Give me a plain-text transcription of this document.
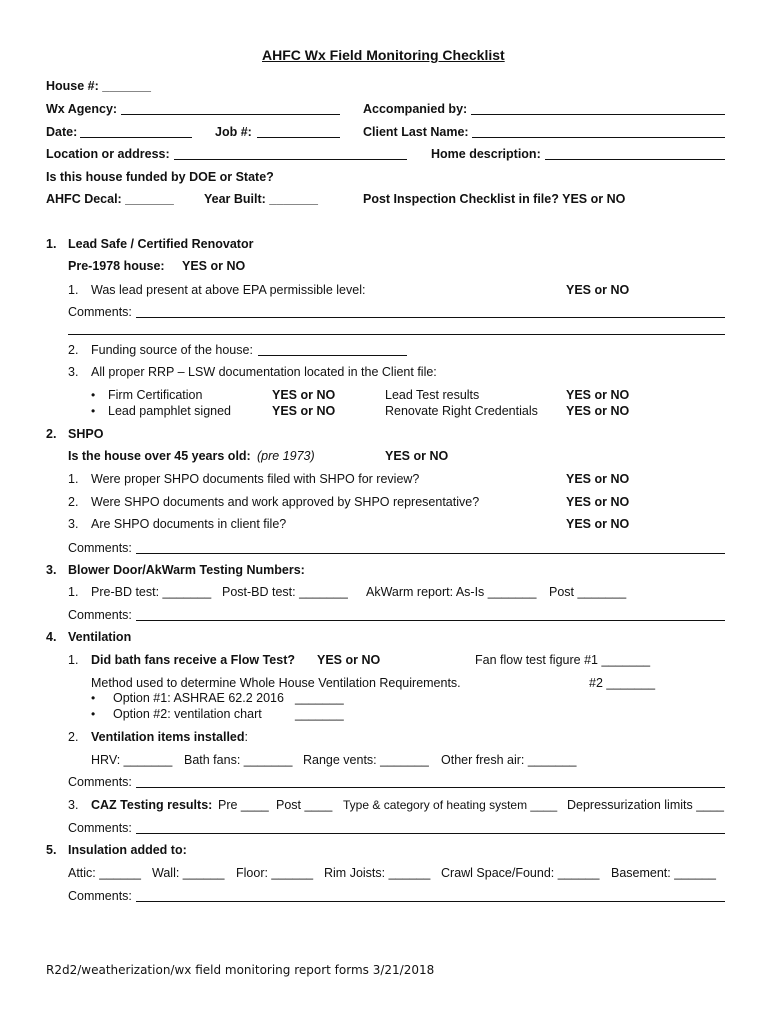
AHFC Wx Field Monitoring Checklist
House #: _______
Wx Agency:	Accompanied by:
Date:	Job #:	Client Last Name:
Location or address:	Home description:
Is this house funded by DOE or State?
AHFC Decal: _______ Year Built: _______	Post Inspection Checklist in file? YES or NO
1. Lead Safe / Certified Renovator
Pre-1978 house: YES or NO
1. Was lead present at above EPA permissible level:	YES or NO
Comments:
2. Funding source of the house:
3. All proper RRP – LSW documentation located in the Client file:
• Firm Certification	YES or NO	Lead Test results	YES or NO
• Lead pamphlet signed	YES or NO	Renovate Right Credentials YES or NO
2. SHPO
Is the house over 45 years old: (pre 1973)	YES or NO
1. Were proper SHPO documents filed with SHPO for review?	YES or NO
2. Were SHPO documents and work approved by SHPO representative?	YES or NO
3. Are SHPO documents in client file?	YES or NO
Comments:
3. Blower Door/AkWarm Testing Numbers:
1. Pre-BD test: _______ Post-BD test: _______ AkWarm report: As-Is _______ Post _______
Comments:
4. Ventilation
1. Did bath fans receive a Flow Test? YES or NO	Fan flow test figure #1 _______
Method used to determine Whole House Ventilation Requirements.	#2 _______
• Option #1: ASHRAE 62.2 2016 _______
• Option #2: ventilation chart	_______
2. Ventilation items installed:
HRV: _______ Bath fans: _______ Range vents: _______ Other fresh air: _______
Comments:
3. CAZ Testing results: Pre ____ Post ____ Type & category of heating system ____ Depressurization limits ____
Comments:
5. Insulation added to:
Attic: ______ Wall: ______ Floor: ______ Rim Joists: ______ Crawl Space/Found: ______ Basement: ______
Comments:
R2d2/weatherization/wx field monitoring report forms 3/21/2018
